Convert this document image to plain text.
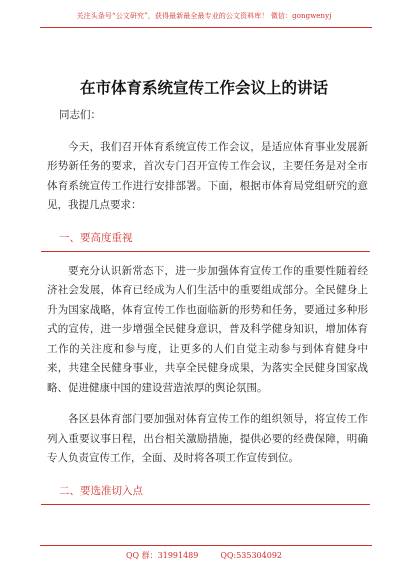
关注头条号“公文研究”，获得最新最全最专业的公文资料库！ 微信：gongwenyj
在市体育系统宣传工作会议上的讲话

同志们：

今天，我们召开体育系统宣传工作会议，是适应体育事业发展新形势新任务的要求，首次专门召开宣传工作会议，主要任务是对全市体育系统宣传工作进行安排部署。下面，根据市体育局党组研究的意见，我提几点要求：

一、要高度重视

要充分认识新常态下，进一步加强体育宣传工作的重要性随着经济社会发展，体育已经成为人们生活中的重要组成部分。全民健身上升为国家战略，体育宣传工作也面临新的形势和任务，要通过多种形式的宣传，进一步增强全民健身意识，普及科学健身知识，增加体育工作的关注度和参与度，让更多的人们自觉主动参与到体育健身中来，共建全民健身事业，共享全民健身成果，为落实全民健身国家战略、促进健康中国的建设营造浓厚的舆论氛围。

各区县体育部门要加强对体育宣传工作的组织领导，将宣传工作列入重要议事日程，出台相关激励措施，提供必要的经费保障，明确专人负责宣传工作，全面、及时将各项工作宣传到位。

二、要选准切入点

QQ 群：31991489	QQ:535304092
